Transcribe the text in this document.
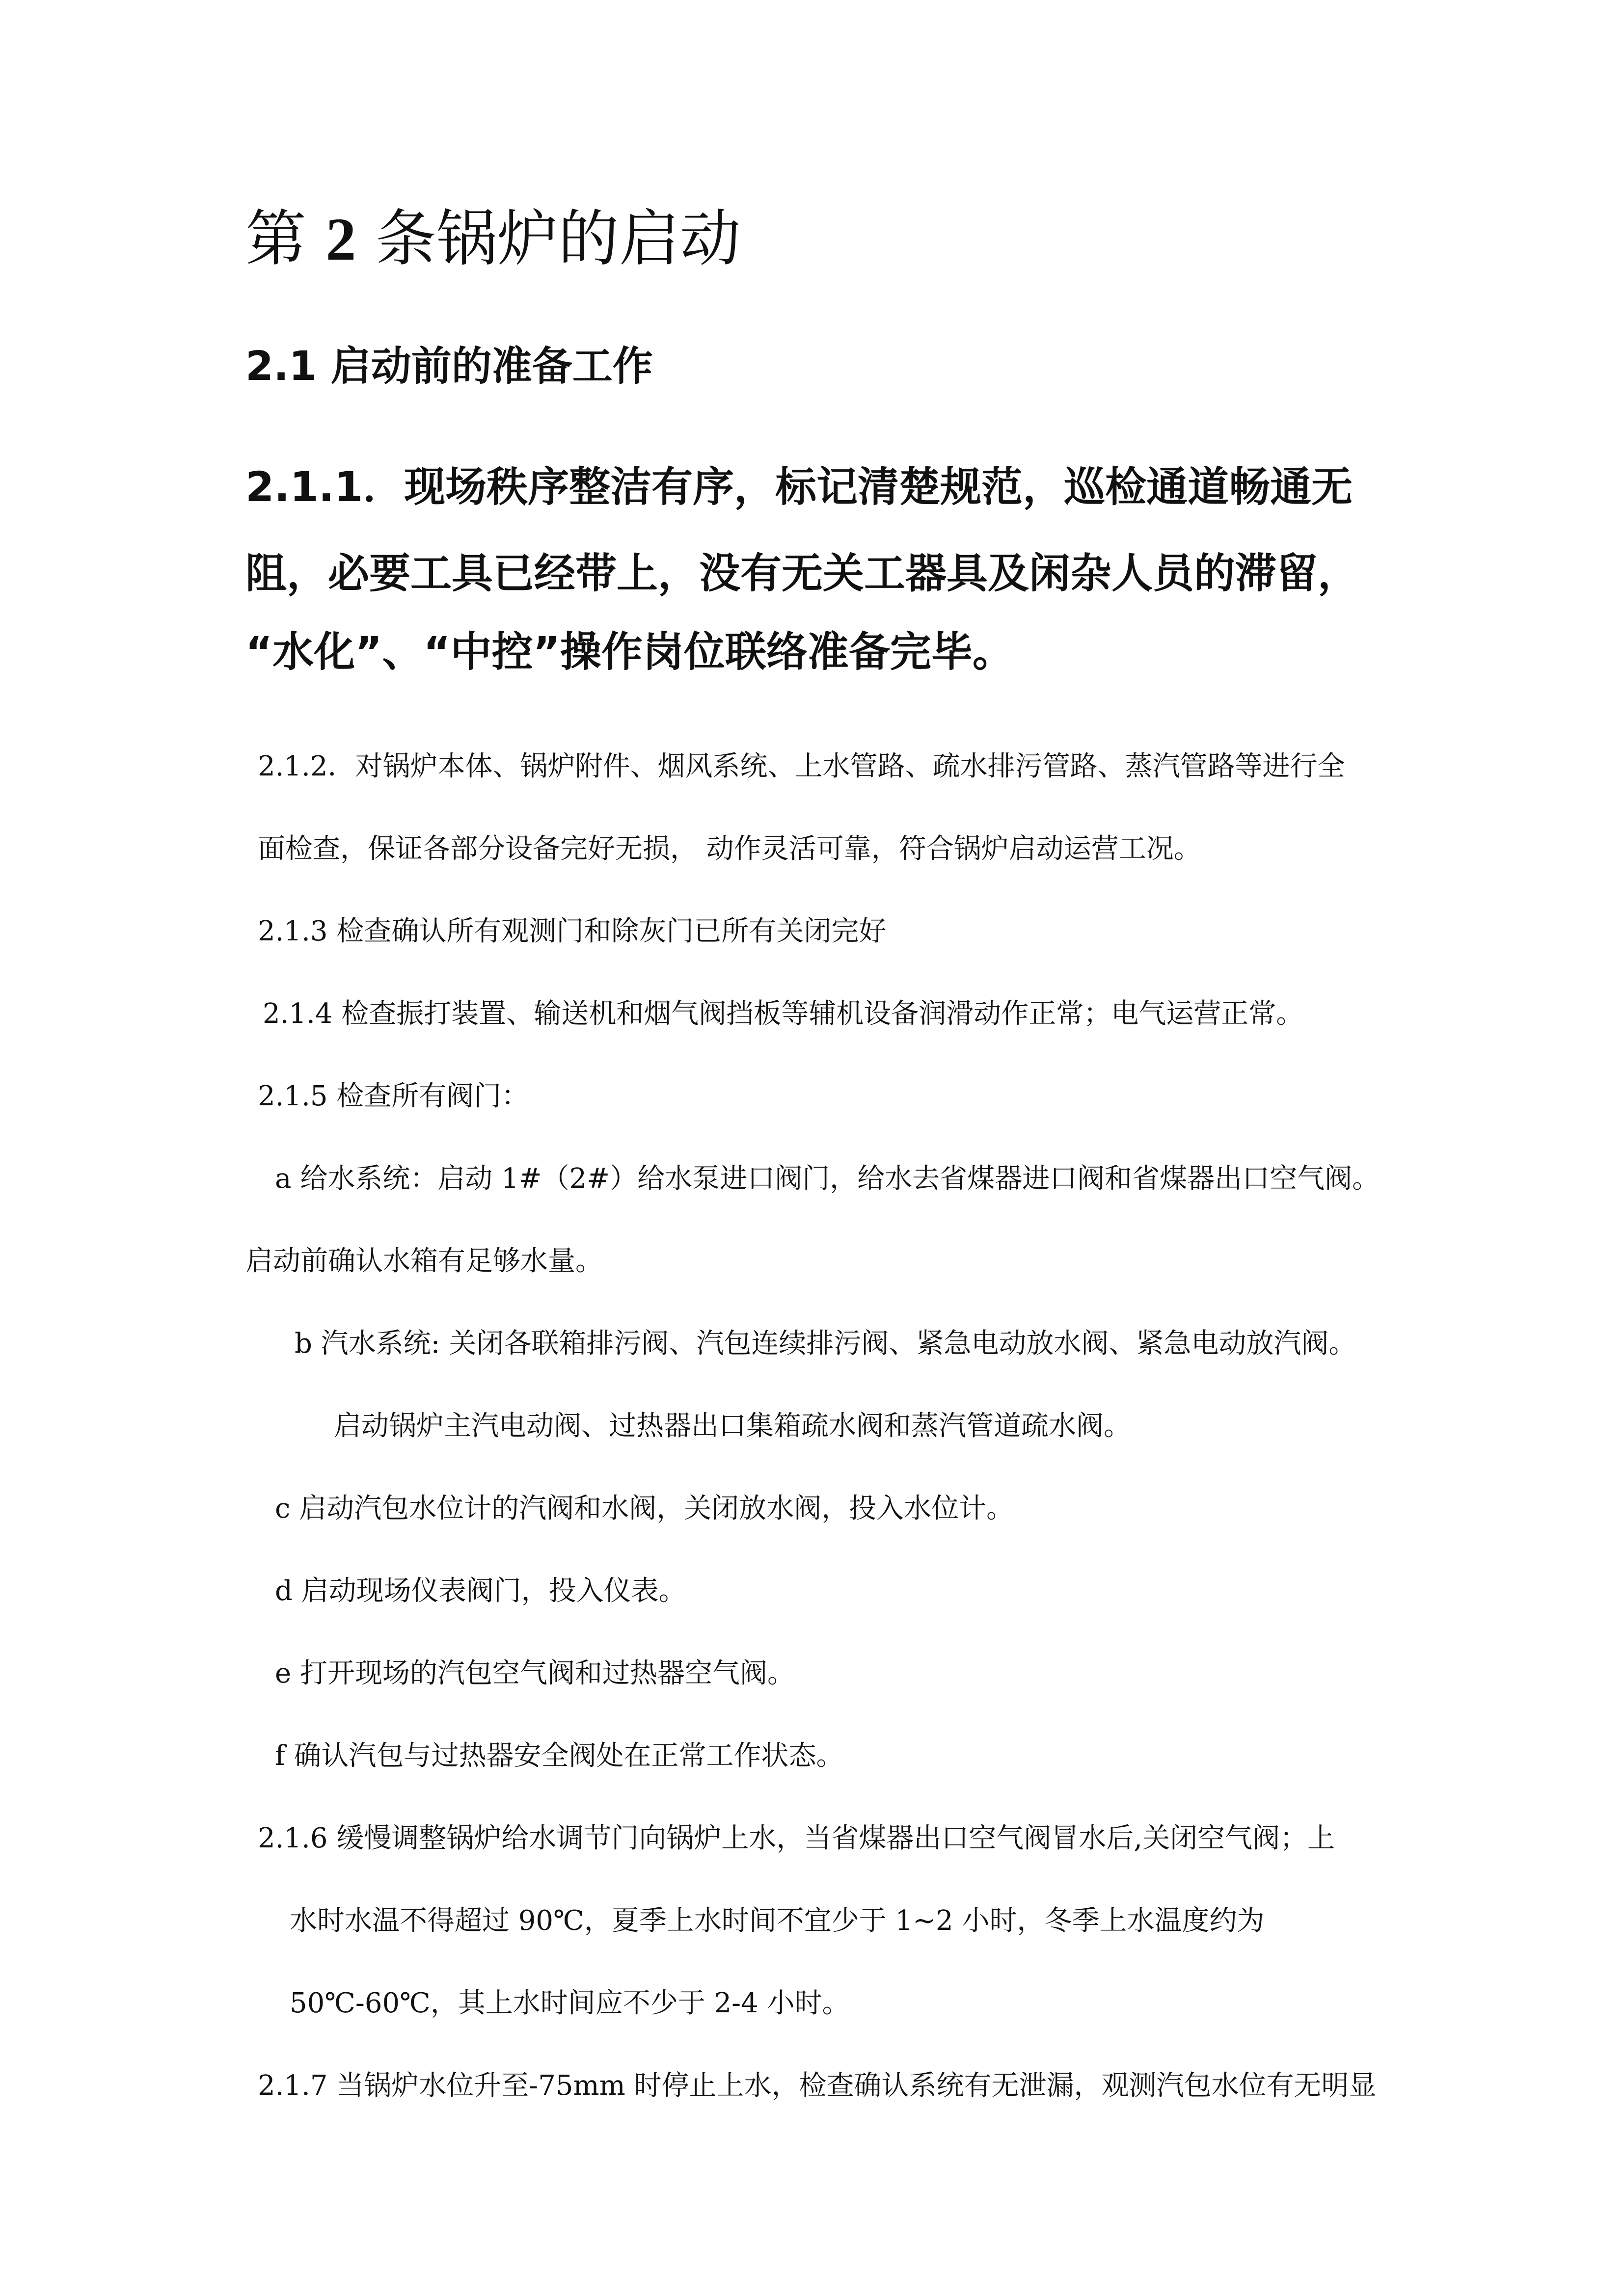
第 2 条锅炉的启动
2.1 启动前的准备工作
2.1.1．现场秩序整洁有序，标记清楚规范，巡检通道畅通无
阻，必要工具已经带上，没有无关工器具及闲杂人员的滞留，
“水化”、“中控”操作岗位联络准备完毕。

2.1.2．对锅炉本体、锅炉附件、烟风系统、上水管路、疏水排污管路、蒸汽管路等进行全

面检查，保证各部分设备完好无损， 动作灵活可靠，符合锅炉启动运营工况。

2.1.3 检查确认所有观测门和除灰门已所有关闭完好

2.1.4 检查振打装置、输送机和烟气阀挡板等辅机设备润滑动作正常；电气运营正常。

2.1.5 检查所有阀门：

a 给水系统：启动 1#（2#）给水泵进口阀门，给水去省煤器进口阀和省煤器出口空气阀。

启动前确认水箱有足够水量。

b 汽水系统: 关闭各联箱排污阀、汽包连续排污阀、紧急电动放水阀、紧急电动放汽阀。

启动锅炉主汽电动阀、过热器出口集箱疏水阀和蒸汽管道疏水阀。

c 启动汽包水位计的汽阀和水阀，关闭放水阀，投入水位计。

d 启动现场仪表阀门，投入仪表。

e 打开现场的汽包空气阀和过热器空气阀。

f 确认汽包与过热器安全阀处在正常工作状态。

2.1.6 缓慢调整锅炉给水调节门向锅炉上水，当省煤器出口空气阀冒水后,关闭空气阀；上

水时水温不得超过 90℃，夏季上水时间不宜少于 1~2 小时，冬季上水温度约为

50℃-60℃，其上水时间应不少于 2-4 小时。

2.1.7 当锅炉水位升至-75mm 时停止上水，检查确认系统有无泄漏，观测汽包水位有无明显
